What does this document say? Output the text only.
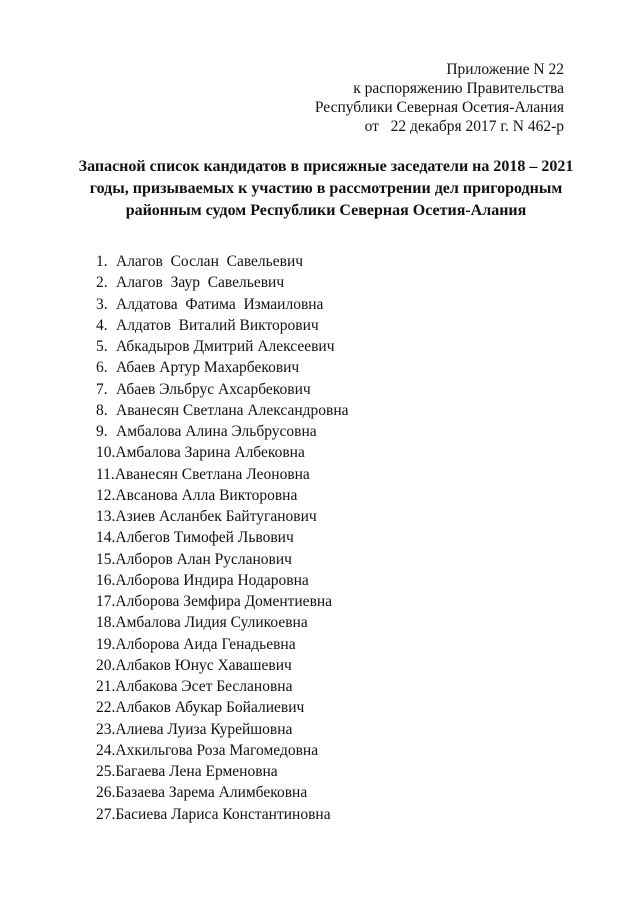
Приложение N 22
к распоряжению Правительства
Республики Северная Осетия-Алания
от   22 декабря 2017 г. N 462-р
Запасной список кандидатов в присяжные заседатели на 2018 – 2021
годы, призываемых к участию в рассмотрении дел пригородным
районным судом Республики Северная Осетия-Алания
1. Алагов  Сослан  Савельевич
2. Алагов  Заур  Савельевич
3. Алдатова  Фатима  Измаиловна
4. Алдатов  Виталий Викторович
5. Абкадыров Дмитрий Алексеевич
6. Абаев Артур Махарбекович
7. Абаев Эльбрус Ахсарбекович
8. Аванесян Светлана Александровна
9. Амбалова Алина Эльбрусовна
10.Амбалова Зарина Албековна
11.Аванесян Светлана Леоновна
12.Авсанова Алла Викторовна
13.Азиев Асланбек Байтуганович
14.Албегов Тимофей Львович
15.Алборов Алан Русланович
16.Алборова Индира Нодаровна
17.Алборова Земфира Доментиевна
18.Амбалова Лидия Суликоевна
19.Алборова Аида Генадьевна
20.Албаков Юнус Хавашевич
21.Албакова Эсет Беслановна
22.Албаков Абукар Бойалиевич
23.Алиева Луиза Курейшовна
24.Ахкильгова Роза Магомедовна
25.Багаева Лена Ерменовна
26.Базаева Зарема Алимбековна
27.Басиева Лариса Константиновна
